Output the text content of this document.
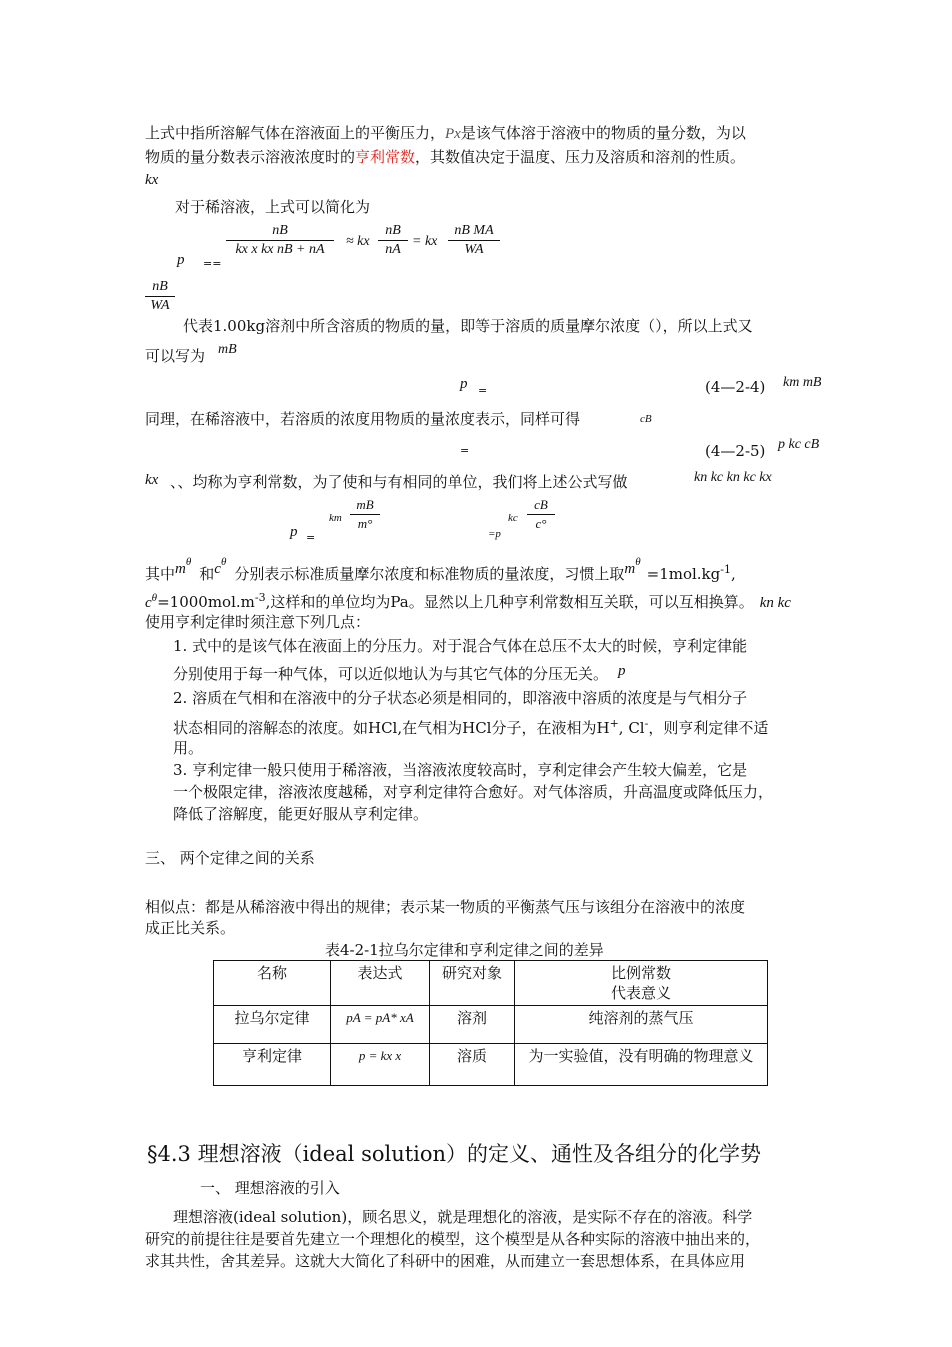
上式中指所溶解气体在溶液面上的平衡压力，Px是该气体溶于溶液中的物质的量分数，为以
物质的量分数表示溶液浓度时的亨利常数，其数值决定于温度、压力及溶质和溶剂的性质。
kx
对于稀溶液，上式可以简化为
p ==
$\frac{nB}{\text{kx x kx nB + nA}}$ ≈ kx $\frac{nB}{nA}$ = kx $\frac{\text{nB MA}}{WA}$
$\frac{nB}{WA}$
代表1.00kg溶剂中所含溶质的物质的量，即等于溶质的质量摩尔浓度（），所以上式又
可以写为 mB
p =	(4—2-4) km mB
同理，在稀溶液中，若溶质的浓度用物质的量浓度表示，同样可得	cB
=	(4—2-5) p kc cB
kx 、、均称为亨利常数，为了使和与有相同的单位，我们将上述公式写做	kn kc kn kc kx
p =
km $\frac{mB}{m^\circ}$
=p
kc $\frac{cB}{c^\circ}$
其中$m^\theta$和$c^\theta$分别表示标准质量摩尔浓度和标准物质的量浓度，习惯上取$m^\theta=1mol.kg^{-1}$,
$c^\theta=1000mol.m^{-3}$,这样和的单位均为Pa。显然以上几种亨利常数相互关联，可以互相换算。 kn kc
使用亨利定律时须注意下列几点：
1. 式中的是该气体在液面上的分压力。对于混合气体在总压不太大的时候，亨利定律能
分别使用于每一种气体，可以近似地认为与其它气体的分压无关。 p
2. 溶质在气相和在溶液中的分子状态必须是相同的，即溶液中溶质的浓度是与气相分子
状态相同的溶解态的浓度。如HCl,在气相为HCl分子，在液相为H+, Cl-，则亨利定律不适
用。
3. 亨利定律一般只使用于稀溶液，当溶液浓度较高时，亨利定律会产生较大偏差，它是
一个极限定律，溶液浓度越稀，对亨利定律符合愈好。对气体溶质，升高温度或降低压力，
降低了溶解度，能更好服从亨利定律。
三、 两个定律之间的关系
相似点：都是从稀溶液中得出的规律；表示某一物质的平衡蒸气压与该组分在溶液中的浓度
成正比关系。
表4-2-1拉乌尔定律和亨利定律之间的差异
名称	表达式	研究对象	比例常数
代表意义

拉乌尔定律	pA = pA* xA	溶剂	纯溶剂的蒸气压
亨利定律	p = kx x	溶质	为一实验值，没有明确的物理意义
§4.3 理想溶液（ideal solution）的定义、通性及各组分的化学势
一、 理想溶液的引入
理想溶液(ideal solution)，顾名思义，就是理想化的溶液，是实际不存在的溶液。科学
研究的前提往往是要首先建立一个理想化的模型，这个模型是从各种实际的溶液中抽出来的，
求其共性，舍其差异。这就大大简化了科研中的困难，从而建立一套思想体系，在具体应用
